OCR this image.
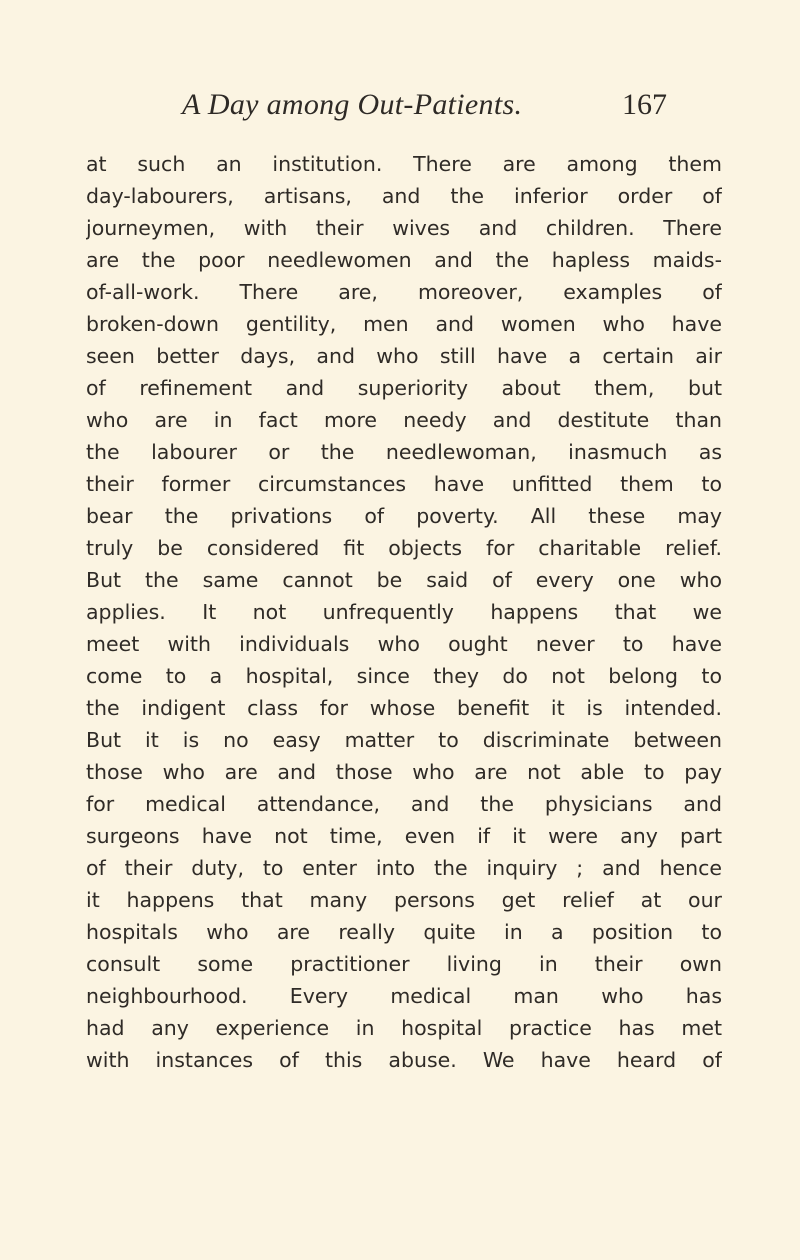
A Day among Out-Patients.	167
at such an institution. There are among them
day-labourers, artisans, and the inferior order of
journeymen, with their wives and children. There
are the poor needlewomen and the hapless maids-
of-all-work. There are, moreover, examples of
broken-down gentility, men and women who have
seen better days, and who still have a certain air
of refinement and superiority about them, but
who are in fact more needy and destitute than
the labourer or the needlewoman, inasmuch as
their former circumstances have unfitted them to
bear the privations of poverty. All these may
truly be considered fit objects for charitable relief.
But the same cannot be said of every one who
applies. It not unfrequently happens that we
meet with individuals who ought never to have
come to a hospital, since they do not belong to
the indigent class for whose benefit it is intended.
But it is no easy matter to discriminate between
those who are and those who are not able to pay
for medical attendance, and the physicians and
surgeons have not time, even if it were any part
of their duty, to enter into the inquiry ; and hence
it happens that many persons get relief at our
hospitals who are really quite in a position to
consult some practitioner living in their own
neighbourhood. Every medical man who has
had any experience in hospital practice has met
with instances of this abuse. We have heard of
